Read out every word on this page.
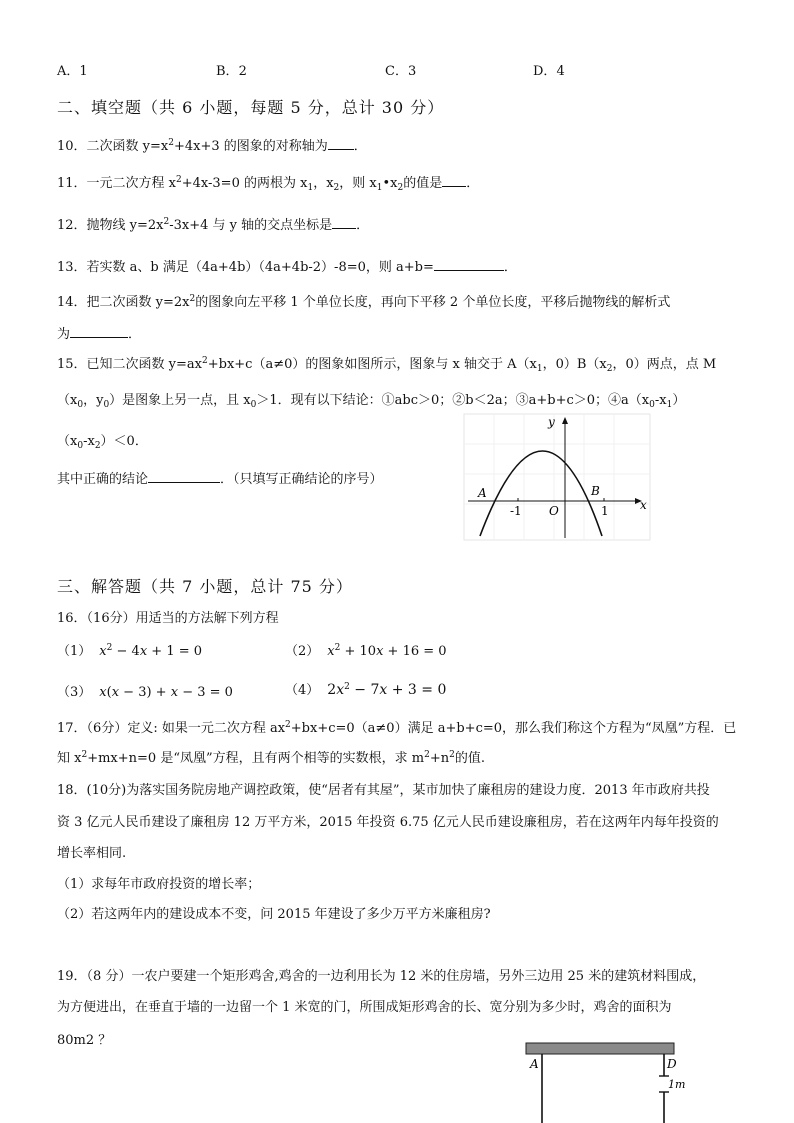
A．1	B．2	C．3	D．4
二、填空题（共 6 小题，每题 5 分，总计 30 分）
10．二次函数 $y=x^2+4x+3$ 的图象的对称轴为 ．
11．一元二次方程 $x^2+4x-3=0$ 的两根为 $x_1$，$x_2$，则 $x_1•x_2$的值是 ．
12．抛物线 $y=2x^2-3x+4$ 与 y 轴的交点坐标是 ．
13．若实数 a、b 满足（4a+4b）（4a+4b-2）-8=0，则 a+b=	．
14．把二次函数 $y=2x^2$的图象向左平移 1 个单位长度，再向下平移 2 个单位长度，平移后抛物线的解析式
为	．
15．已知二次函数 $y=ax^2+bx+c(a\ne 0)$的图象如图所示，图象与 x 轴交于 $A(x_1$，$0)B(x_2$，0）两点，点 M
（$x_0$，$y_0$）是图象上另一点，且 $x_0>1$．现有以下结论：①abc＞0；②b＜2a；③a+b+c＞0；$④a(x_0-x_1)$
$(x_0-x_2)<0$．
其中正确的结论	．（只填写正确结论的序号）
y
x
A	B
-1 O	1
三、解答题（共 7 小题，总计 75 分）
16．（16分）用适当的方法解下列方程
（1） $x^2 - 4x + 1 = 0$	（2） $x^2 + 10x + 16 = 0$
（3） x(x − 3) + x − 3 = 0	（4） $2x^2 - 7x + 3 = 0$
17．（6分）定义: 如果一元二次方程 $ax^2+bx+c=0(a\ne 0)$满足 a+b+c=0，那么我们称这个方程为“凤凰”方程．已
知 $x^2+mx+n=0$ 是“凤凰”方程，且有两个相等的实数根，求 $m^2+n^2$的值.
18．(10分)为落实国务院房地产调控政策，使“居者有其屋”，某市加快了廉租房的建设力度．2013 年市政府共投
资 3 亿元人民币建设了廉租房 12 万平方米，2015 年投资 6.75 亿元人民币建设廉租房，若在这两年内每年投资的
增长率相同.
（1）求每年市政府投资的增长率；
（2）若这两年内的建设成本不变，问 2015 年建设了多少万平方米廉租房?
19．（8 分）一农户要建一个矩形鸡舍,鸡舍的一边利用长为 12 米的住房墙，另外三边用 25 米的建筑材料围成，
为方便进出，在垂直于墙的一边留一个 1 米宽的门，所围成矩形鸡舍的长、宽分别为多少时，鸡舍的面积为
80m2 ？
A	D
1m
